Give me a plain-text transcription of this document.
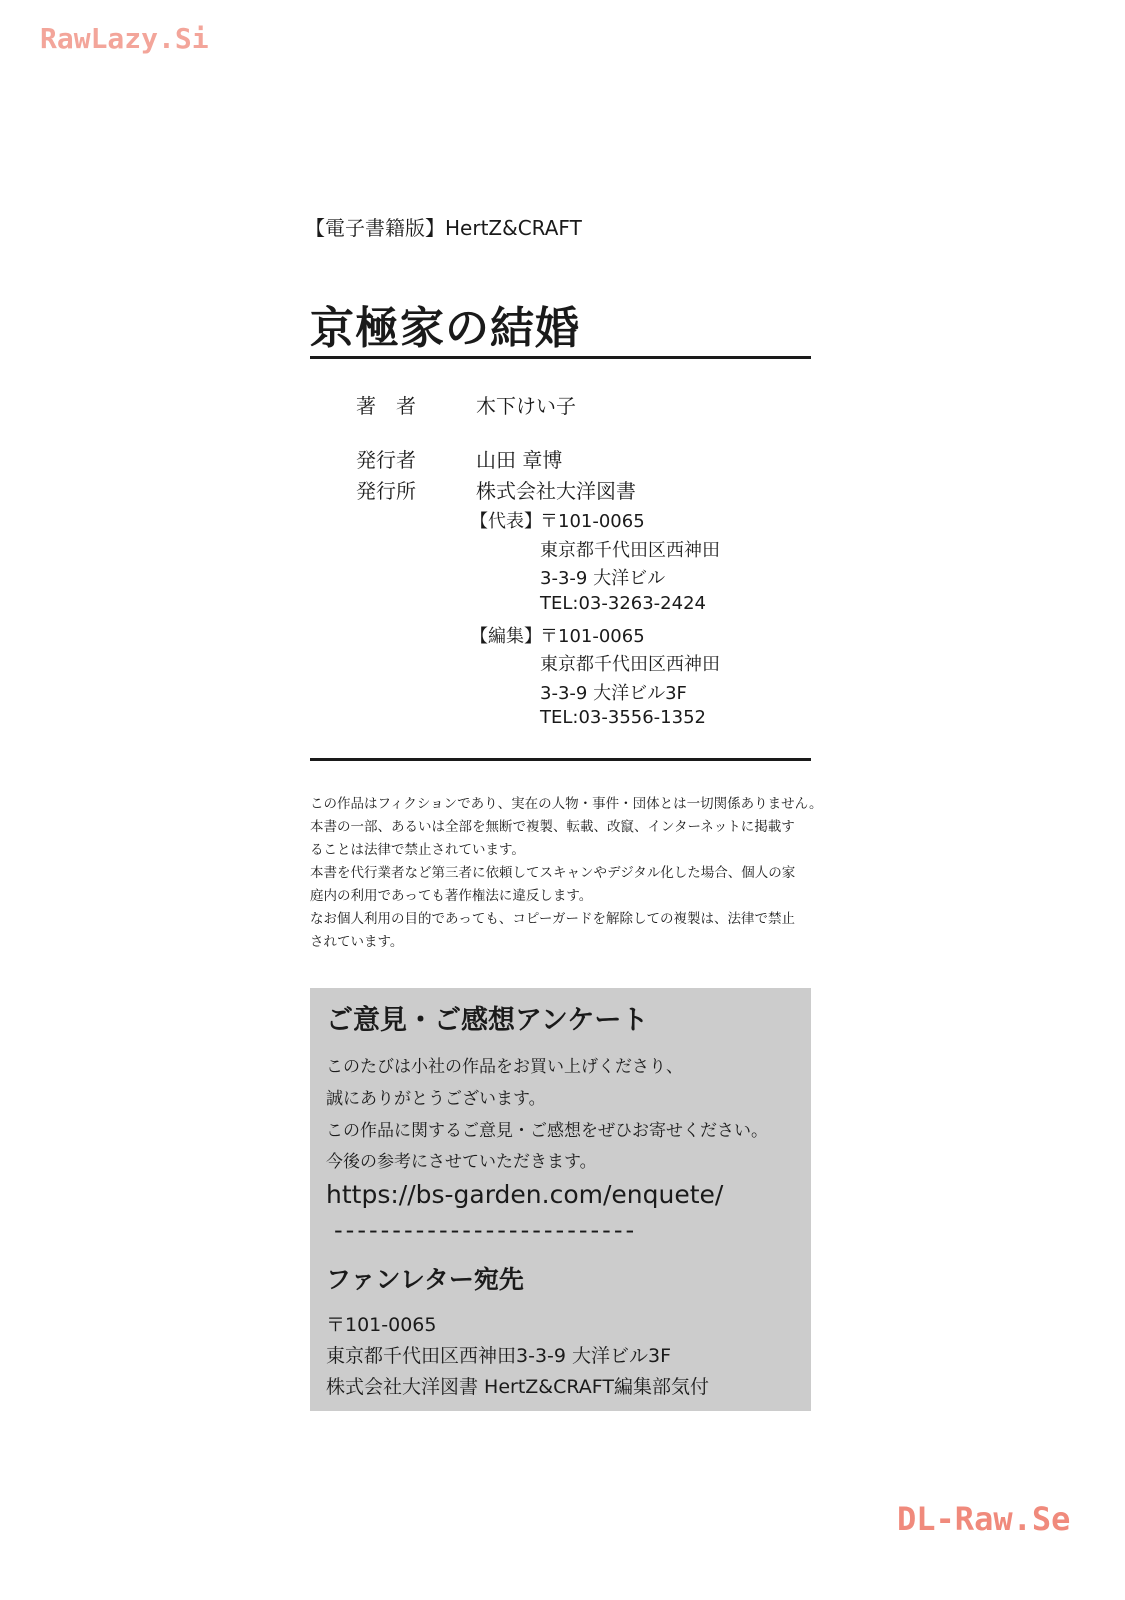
RawLazy.Si
DL-Raw.Se
【電子書籍版】HertZ&CRAFT
京極家の結婚
著　者	木下けい子
発行者	山田 章博
発行所	株式会社大洋図書
【代表】
〒101-0065
東京都千代田区西神田
3-3-9 大洋ビル
TEL:03-3263-2424
【編集】
〒101-0065
東京都千代田区西神田
3-3-9 大洋ビル3F
TEL:03-3556-1352
この作品はフィクションであり、実在の人物・事件・団体とは一切関係ありません。
本書の一部、あるいは全部を無断で複製、転載、改竄、インターネットに掲載す
ることは法律で禁止されています。
本書を代行業者など第三者に依頼してスキャンやデジタル化した場合、個人の家
庭内の利用であっても著作権法に違反します。
なお個人利用の目的であっても、コピーガードを解除しての複製は、法律で禁止
されています。
ご意見・ご感想アンケート
このたびは小社の作品をお買い上げくださり、
誠にありがとうございます。
この作品に関するご意見・ご感想をぜひお寄せください。
今後の参考にさせていただきます。
https://bs-garden.com/enquete/
--------------------------
ファンレター宛先
〒101-0065
東京都千代田区西神田3-3-9 大洋ビル3F
株式会社大洋図書 HertZ&CRAFT編集部気付
